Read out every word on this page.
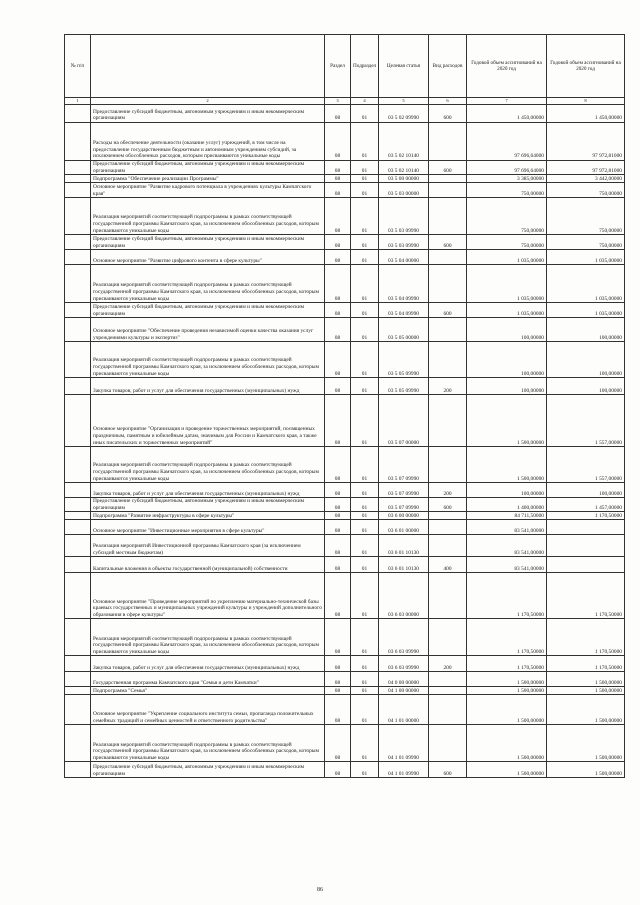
№ п/п		Раздел	Подраздел	Целевая статья	Вид расходов	Годовой объем ассигнований на 2020 год	Годовой объем ассигнований на 2020 год
1	2	3	4	5	6	7	8
	Предоставление субсидий бюджетным, автономным учреждениям и иным некоммерческим организациям	08	01	03 5 02 09990	600	1 450,00000	1 450,00000
	Расходы на обеспечение деятельности (оказание услуг) учреждений, в том числе на предоставление государственным бюджетным и автономным учреждениям субсидий, за исключением обособленных расходов, которым присваиваются уникальные коды	08	01	03 5 02 10140		97 696,64000	97 972,81000
	Предоставление субсидий бюджетным, автономным учреждениям и иным некоммерческим организациям	08	01	03 5 02 10140	600	97 696,64000	97 972,81000
	Подпрограмма "Обеспечение реализации Программы"	08	01	03 5 00 00000		3 385,00000	3 442,00000
	Основное мероприятие "Развитие кадрового потенциала в учреждениях культуры Камчатского края"	08	01	03 5 03 00000		750,00000	750,00000
	Реализация мероприятий соответствующей подпрограммы в рамках соответствующей государственной программы Камчатского края, за исключением обособленных расходов, которым присваиваются уникальные коды	08	01	03 5 03 09990		750,00000	750,00000
	Предоставление субсидий бюджетным, автономным учреждениям и иным некоммерческим организациям	08	01	03 5 03 09990	600	750,00000	750,00000
	Основное мероприятие "Развитие цифрового контента в сфере культуры"	08	01	03 5 04 00000		1 035,00000	1 035,00000
	Реализация мероприятий соответствующей подпрограммы в рамках соответствующей государственной программы Камчатского края, за исключением обособленных расходов, которым присваиваются уникальные коды	08	01	03 5 04 09990		1 035,00000	1 035,00000
	Предоставление субсидий бюджетным, автономным учреждениям и иным некоммерческим организациям	08	01	03 5 04 09990	600	1 035,00000	1 035,00000
	Основное мероприятие "Обеспечение проведения независимой оценки качества оказания услуг учреждениями культуры и экспертиз"	08	01	03 5 05 00000		100,00000	100,00000
	Реализация мероприятий соответствующей подпрограммы в рамках соответствующей государственной программы Камчатского края, за исключением обособленных расходов, которым присваиваются уникальные коды	08	01	03 5 05 09990		100,00000	100,00000
	Закупка товаров, работ и услуг для обеспечения государственных (муниципальных) нужд	08	01	03 5 05 09990	200	100,00000	100,00000
	Основное мероприятие "Организация и проведение торжественных мероприятий, посвященных праздничным, памятным и юбилейным датам, значимым для России и Камчатского края, а также иных писательских и торжественных мероприятий"	08	01	03 5 07 00000		1 500,00000	1 557,00000
	Реализация мероприятий соответствующей подпрограммы в рамках соответствующей государственной программы Камчатского края, за исключением обособленных расходов, которым присваиваются уникальные коды	08	01	03 5 07 09990		1 500,00000	1 557,00000
	Закупка товаров, работ и услуг для обеспечения государственных (муниципальных) нужд	08	01	03 5 07 09990	200	100,00000	100,00000
	Предоставление субсидий бюджетным, автономным учреждениям и иным некоммерческим организациям	08	01	03 5 07 09990	600	1 400,00000	1 457,00000
	Подпрограмма "Развитие инфраструктуры в сфере культуры"	08	01	03 6 00 00000		84 711,50000	1 170,50000
	Основное мероприятие "Инвестиционные мероприятия в сфере культуры"	08	01	03 6 01 00000		83 541,00000	
	Реализация мероприятий Инвестиционной программы Камчатского края (за исключением субсидий местным бюджетам)	08	01	03 6 01 10130		83 541,00000	
	Капитальные вложения в объекты государственной (муниципальной) собственности	08	01	03 6 01 10130	400	83 541,00000	
	Основное мероприятие "Проведение мероприятий по укреплению материально-технической базы краевых государственных и муниципальных учреждений культуры и учреждений дополнительного образования в сфере культуры"	08	01	03 6 03 00000		1 170,50000	1 170,50000
	Реализация мероприятий соответствующей подпрограммы в рамках соответствующей государственной программы Камчатского края, за исключением обособленных расходов, которым присваиваются уникальные коды	08	01	03 6 03 09990		1 170,50000	1 170,50000
	Закупка товаров, работ и услуг для обеспечения государственных (муниципальных) нужд	08	01	03 6 03 09990	200	1 170,50000	1 170,50000
	Государственная программа Камчатского края "Семья и дети Камчатки"	08	01	04 0 00 00000		1 500,00000	1 500,00000
	Подпрограмма "Семья"	08	01	04 1 00 00000		1 500,00000	1 500,00000
	Основное мероприятие "Укрепление социального института семьи, пропаганда положительных семейных традиций и семейных ценностей и ответственного родительства"	08	01	04 1 01 00000		1 500,00000	1 500,00000
	Реализация мероприятий соответствующей подпрограммы в рамках соответствующей государственной программы Камчатского края, за исключением обособленных расходов, которым присваиваются уникальные коды	08	01	04 1 01 09990		1 500,00000	1 500,00000
	Предоставление субсидий бюджетным, автономным учреждениям и иным некоммерческим организациям	08	01	04 1 01 09990	600	1 500,00000	1 500,00000
86
